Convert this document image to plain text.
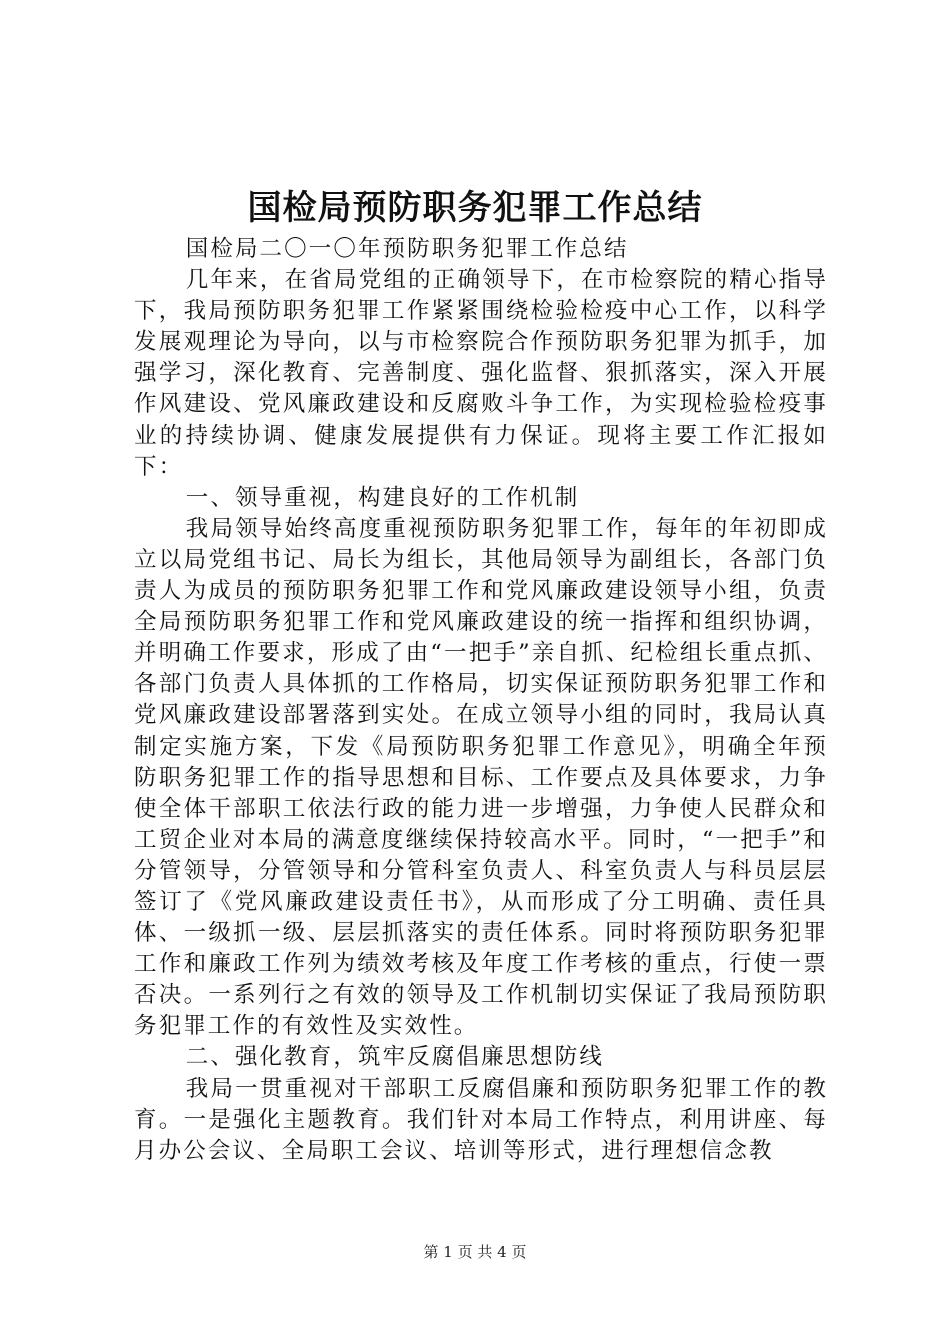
国检局预防职务犯罪工作总结

国检局二〇一〇年预防职务犯罪工作总结

几年来，在省局党组的正确领导下，在市检察院的精心指导下，我局预防职务犯罪工作紧紧围绕检验检疫中心工作，以科学发展观理论为导向，以与市检察院合作预防职务犯罪为抓手，加强学习，深化教育、完善制度、强化监督、狠抓落实，深入开展作风建设、党风廉政建设和反腐败斗争工作，为实现检验检疫事业的持续协调、健康发展提供有力保证。现将主要工作汇报如下：

一、领导重视，构建良好的工作机制

我局领导始终高度重视预防职务犯罪工作，每年的年初即成立以局党组书记、局长为组长，其他局领导为副组长，各部门负责人为成员的预防职务犯罪工作和党风廉政建设领导小组，负责全局预防职务犯罪工作和党风廉政建设的统一指挥和组织协调，并明确工作要求，形成了由“一把手”亲自抓、纪检组长重点抓、各部门负责人具体抓的工作格局，切实保证预防职务犯罪工作和党风廉政建设部署落到实处。在成立领导小组的同时，我局认真制定实施方案，下发《局预防职务犯罪工作意见》，明确全年预防职务犯罪工作的指导思想和目标、工作要点及具体要求，力争使全体干部职工依法行政的能力进一步增强，力争使人民群众和工贸企业对本局的满意度继续保持较高水平。同时，“一把手”和分管领导，分管领导和分管科室负责人、科室负责人与科员层层签订了《党风廉政建设责任书》，从而形成了分工明确、责任具体、一级抓一级、层层抓落实的责任体系。同时将预防职务犯罪工作和廉政工作列为绩效考核及年度工作考核的重点，行使一票否决。一系列行之有效的领导及工作机制切实保证了我局预防职务犯罪工作的有效性及实效性。

二、强化教育，筑牢反腐倡廉思想防线

我局一贯重视对干部职工反腐倡廉和预防职务犯罪工作的教育。一是强化主题教育。我们针对本局工作特点，利用讲座、每月办公会议、全局职工会议、培训等形式，进行理想信念教

第 1 页 共 4 页
